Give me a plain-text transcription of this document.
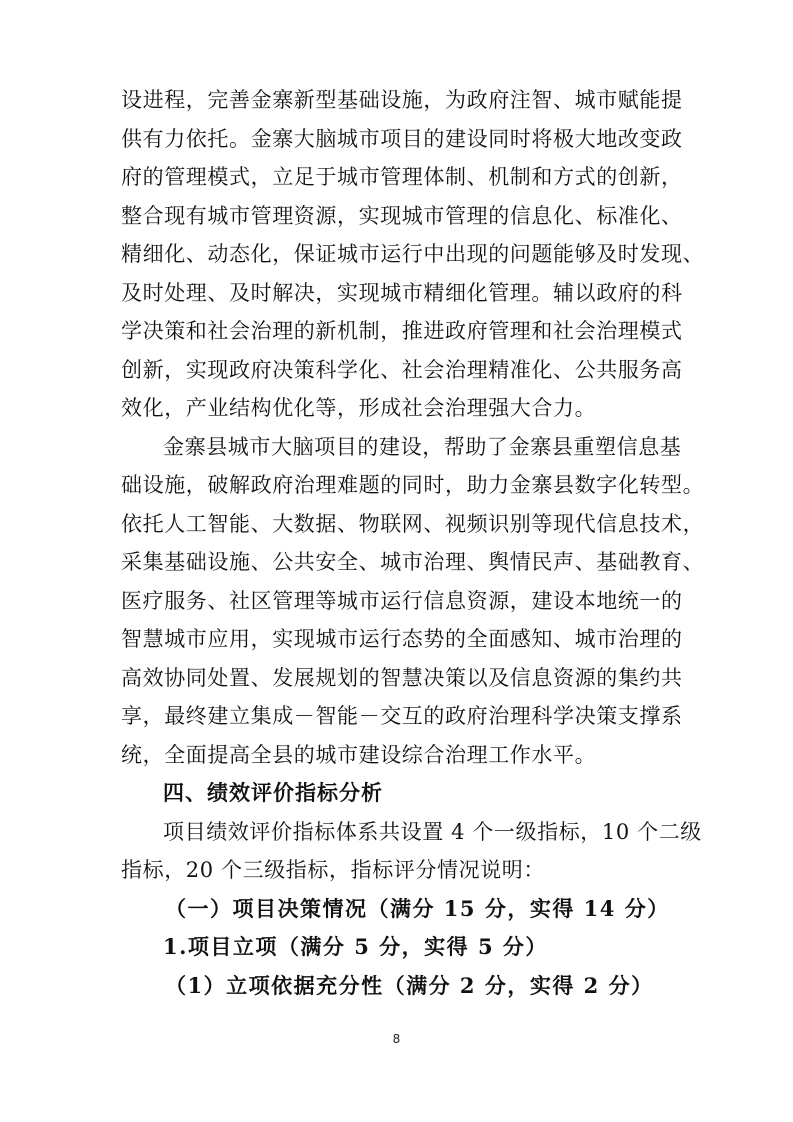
设进程，完善金寨新型基础设施，为政府注智、城市赋能提
供有力依托。金寨大脑城市项目的建设同时将极大地改变政
府的管理模式，立足于城市管理体制、机制和方式的创新，
整合现有城市管理资源，实现城市管理的信息化、标准化、
精细化、动态化，保证城市运行中出现的问题能够及时发现、
及时处理、及时解决，实现城市精细化管理。辅以政府的科
学决策和社会治理的新机制，推进政府管理和社会治理模式
创新，实现政府决策科学化、社会治理精准化、公共服务高
效化，产业结构优化等，形成社会治理强大合力。
金寨县城市大脑项目的建设，帮助了金寨县重塑信息基
础设施，破解政府治理难题的同时，助力金寨县数字化转型。
依托人工智能、大数据、物联网、视频识别等现代信息技术，
采集基础设施、公共安全、城市治理、舆情民声、基础教育、
医疗服务、社区管理等城市运行信息资源，建设本地统一的
智慧城市应用，实现城市运行态势的全面感知、城市治理的
高效协同处置、发展规划的智慧决策以及信息资源的集约共
享，最终建立集成－智能－交互的政府治理科学决策支撑系
统，全面提高全县的城市建设综合治理工作水平。
8
四、绩效评价指标分析
项目绩效评价指标体系共设置 4 个一级指标，10 个二级
指标，20 个三级指标，指标评分情况说明：
（一）项目决策情况（满分 15 分，实得 14 分）
1.项目立项（满分 5 分，实得 5 分）
（1）立项依据充分性（满分 2 分，实得 2 分）
